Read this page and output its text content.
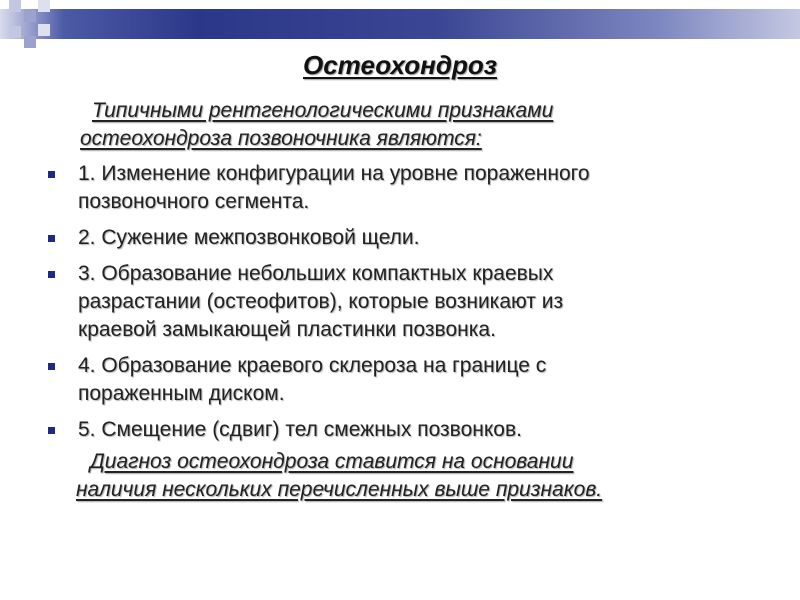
Остеохондроз
Типичными рентгенологическими признаками
остеохондроза позвоночника являются:
1. Изменение конфигурации на уровне пораженного
позвоночного сегмента.
2. Сужение межпозвонковой щели.
3. Образование небольших компактных краевых
разрастании (остеофитов), которые возникают из
краевой замыкающей пластинки позвонка.
4. Образование краевого склероза на границе с
пораженным диском.
5. Смещение (сдвиг) тел смежных позвонков.
Диагноз остеохондроза ставится на основании
наличия нескольких перечисленных выше признаков.
